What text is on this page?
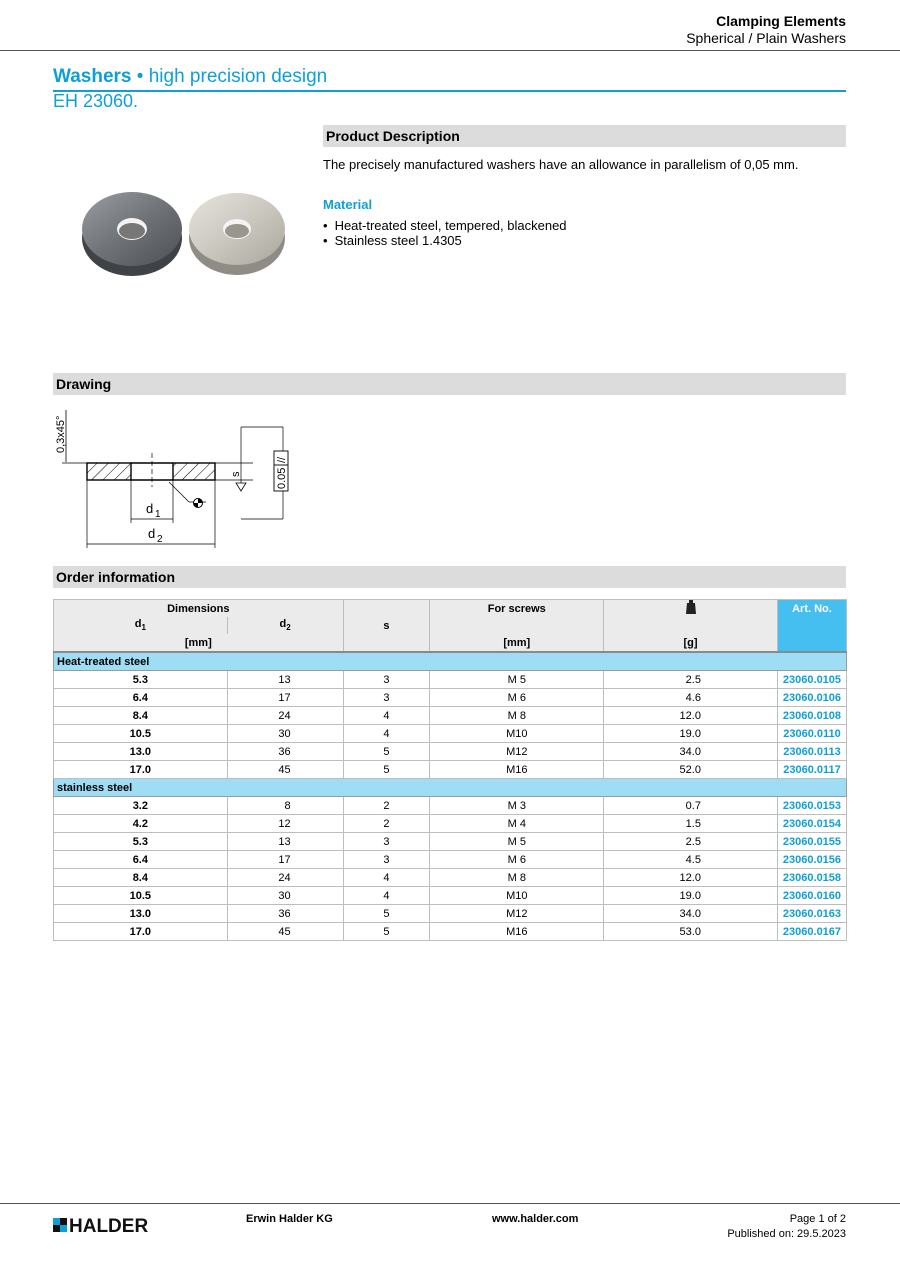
Clamping Elements
Spherical / Plain Washers
Washers • high precision design
EH 23060.
Product Description
The precisely manufactured washers have an allowance in parallelism of 0,05 mm.
Material
• Heat-treated steel, tempered, blackened
• Stainless steel 1.4305
Drawing
0,3x45°
d 1
d 2
s
//
0.05
Order information
Dimensions			For screws		Art. No.
$d_1$	$d_2$	s			
[mm]			[mm]	[g]	
Heat-treated steel					
5.3	13	3	M 5	2.5	23060.0105
6.4	17	3	M 6	4.6	23060.0106
8.4	24	4	M 8	12.0	23060.0108
10.5	30	4	M10	19.0	23060.0110
13.0	36	5	M12	34.0	23060.0113
17.0	45	5	M16	52.0	23060.0117
stainless steel					
3.2	8	2	M 3	0.7	23060.0153
4.2	12	2	M 4	1.5	23060.0154
5.3	13	3	M 5	2.5	23060.0155
6.4	17	3	M 6	4.5	23060.0156
8.4	24	4	M 8	12.0	23060.0158
10.5	30	4	M10	19.0	23060.0160
13.0	36	5	M12	34.0	23060.0163
17.0	45	5	M16	53.0	23060.0167
HALDER	Erwin Halder KG	www.halder.com	Page 1 of 2
Published on: 29.5.2023
